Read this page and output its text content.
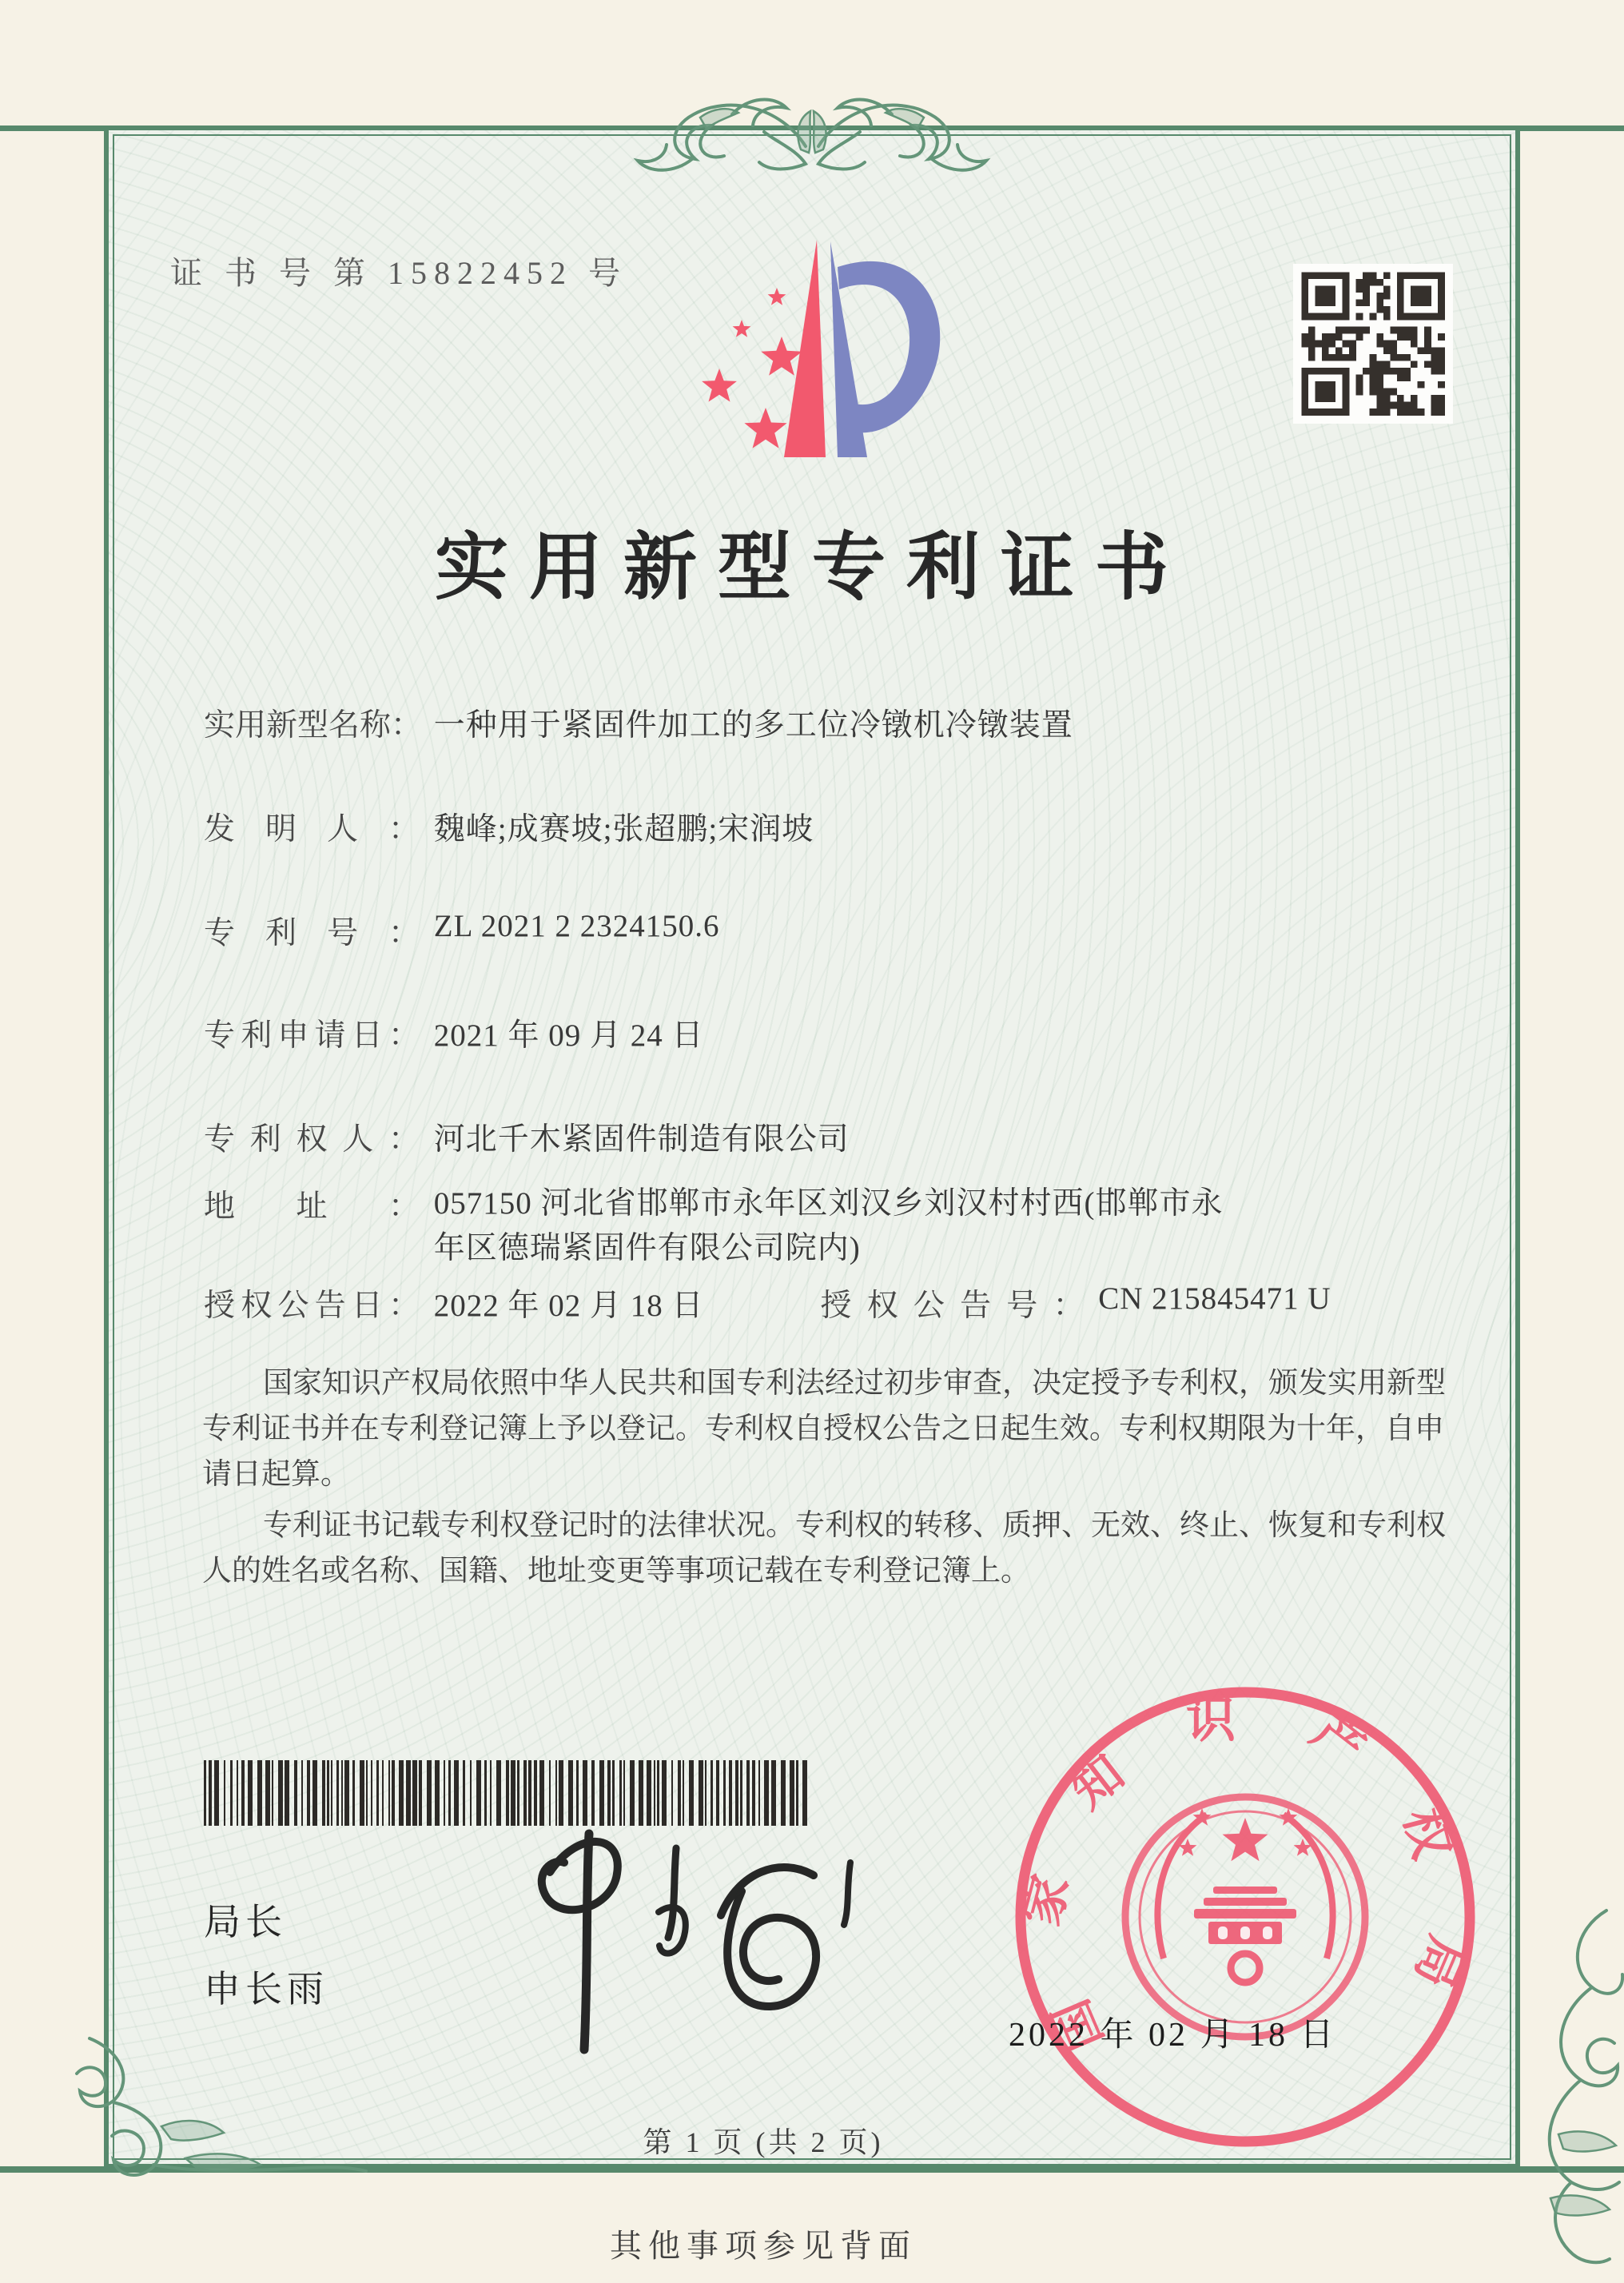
证 书 号 第 15822452 号
实用新型专利证书
实用新型名称： 一种用于紧固件加工的多工位冷镦机冷镦装置
发明人： 魏峰;成赛坡;张超鹏;宋润坡
专利号： ZL 2021 2 2324150.6
专利申请日： 2021 年 09 月 24 日
专利权人： 河北千木紧固件制造有限公司
地址： 057150 河北省邯郸市永年区刘汉乡刘汉村村西(邯郸市永年区德瑞紧固件有限公司院内)
授权公告日： 2022 年 02 月 18 日	授权公告号： CN 215845471 U

国家知识产权局依照中华人民共和国专利法经过初步审查，决定授予专利权，颁发实用新型专利证书并在专利登记簿上予以登记。专利权自授权公告之日起生效。专利权期限为十年，自申请日起算。

专利证书记载专利权登记时的法律状况。专利权的转移、质押、无效、终止、恢复和专利权人的姓名或名称、国籍、地址变更等事项记载在专利登记簿上。

局长
申长雨	国家知识产权局
2022 年 02 月 18 日
第 1 页 (共 2 页)
其他事项参见背面
